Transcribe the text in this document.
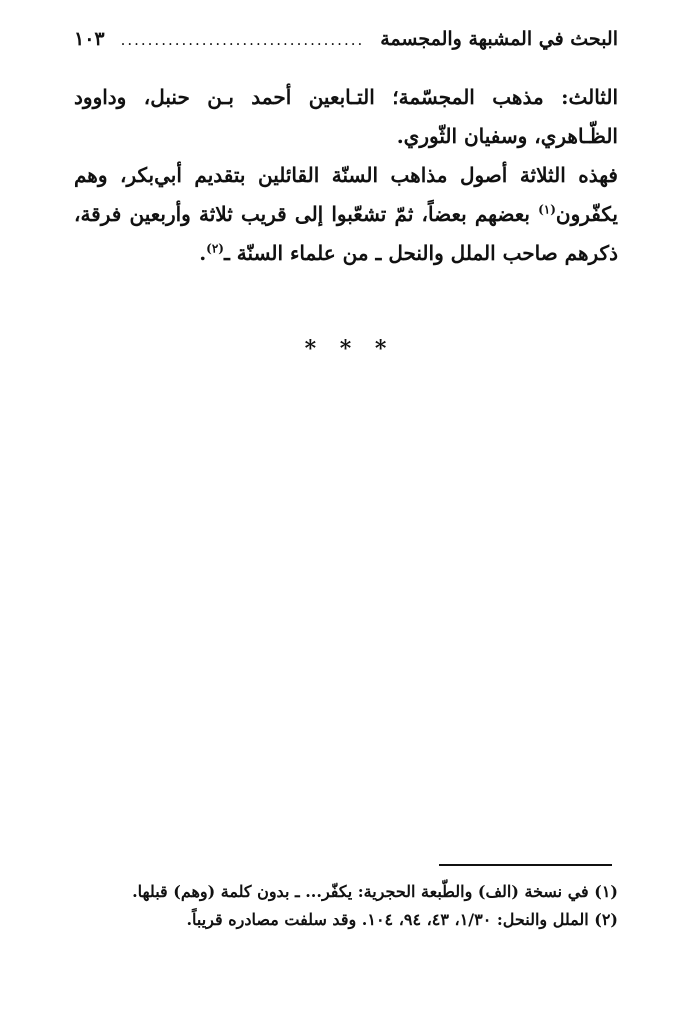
البحث في المشبهة والمجسمة
....................................
١٠٣

الثالث: مذهب المجسّمة؛ التـابعين أحمد بـن حنبل، وداوود الظّـاهري، وسفيان الثّوري.

فهذه الثلاثة أصول مذاهب السنّة القائلين بتقديم أبي‌بكر، وهم يكفّرون$^{(١)}$ بعضهم بعضاً، ثمّ تشعّبوا إلى قريب ثلاثة وأربعين فرقة، ذكرهم صاحب الملل والنحل ـ من علماء السنّة ـ$^{(٢)}$.

* * *

(١) في نسخة (الف) والطّبعة الحجرية: يكفّر... ـ بدون كلمة (وهم) قبلها.

(٢) الملل والنحل: ١/٣٠، ٤٣، ٩٤، ١٠٤. وقد سلفت مصادره قريباً.
